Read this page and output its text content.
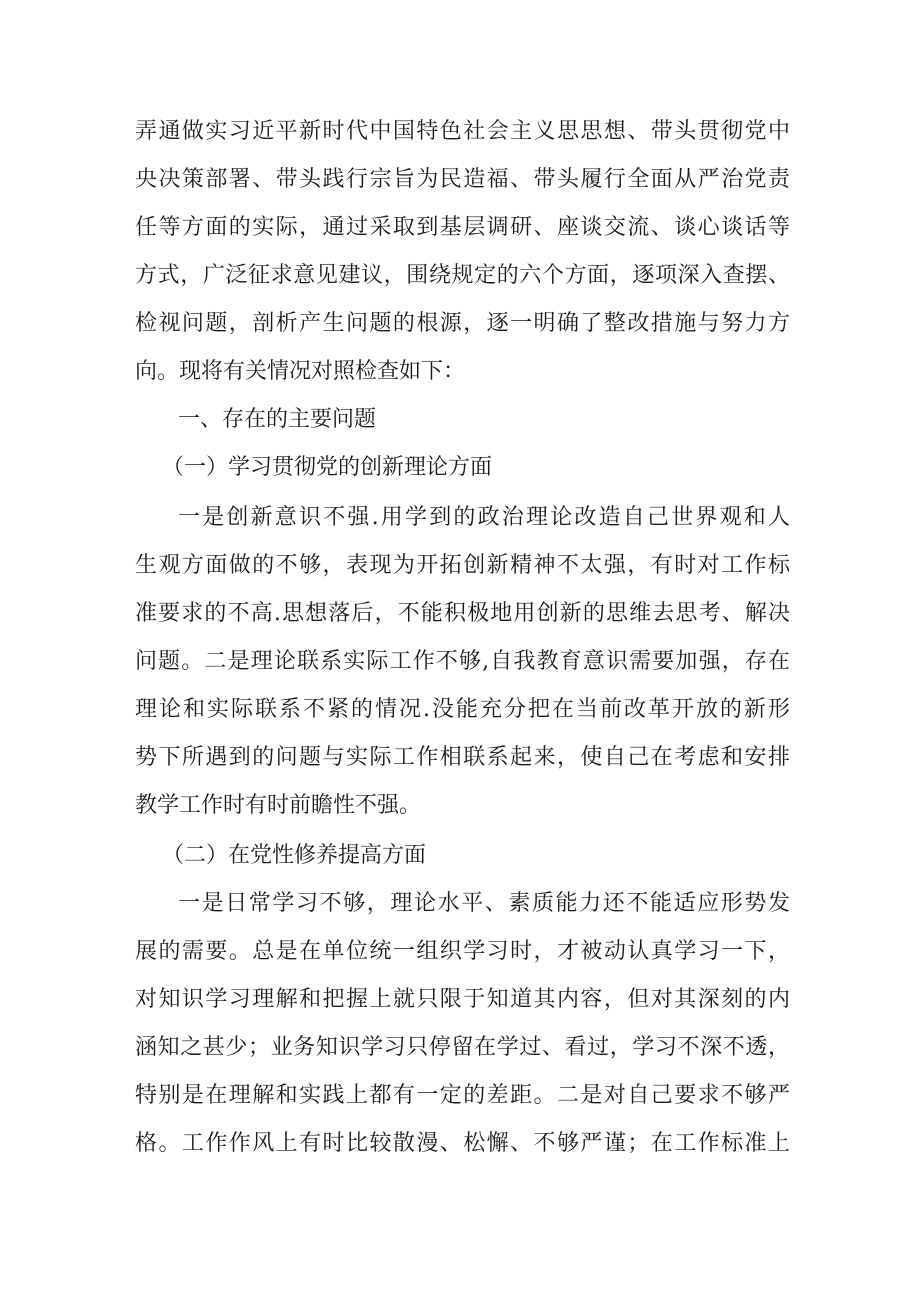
弄通做实习近平新时代中国特色社会主义思思想、带头贯彻党中
央决策部署、带头践行宗旨为民造福、带头履行全面从严治党责
任等方面的实际，通过采取到基层调研、座谈交流、谈心谈话等
方式，广泛征求意见建议，围绕规定的六个方面，逐项深入查摆、
检视问题，剖析产生问题的根源，逐一明确了整改措施与努力方
向。现将有关情况对照检查如下：
一、存在的主要问题
（一）学习贯彻党的创新理论方面
一是创新意识不强.用学到的政治理论改造自己世界观和人
生观方面做的不够，表现为开拓创新精神不太强，有时对工作标
准要求的不高.思想落后，不能积极地用创新的思维去思考、解决
问题。二是理论联系实际工作不够,自我教育意识需要加强，存在
理论和实际联系不紧的情况.没能充分把在当前改革开放的新形
势下所遇到的问题与实际工作相联系起来，使自己在考虑和安排
教学工作时有时前瞻性不强。
（二）在党性修养提高方面
一是日常学习不够，理论水平、素质能力还不能适应形势发
展的需要。总是在单位统一组织学习时，才被动认真学习一下，
对知识学习理解和把握上就只限于知道其内容，但对其深刻的内
涵知之甚少；业务知识学习只停留在学过、看过，学习不深不透，
特别是在理解和实践上都有一定的差距。二是对自己要求不够严
格。工作作风上有时比较散漫、松懈、不够严谨；在工作标准上
